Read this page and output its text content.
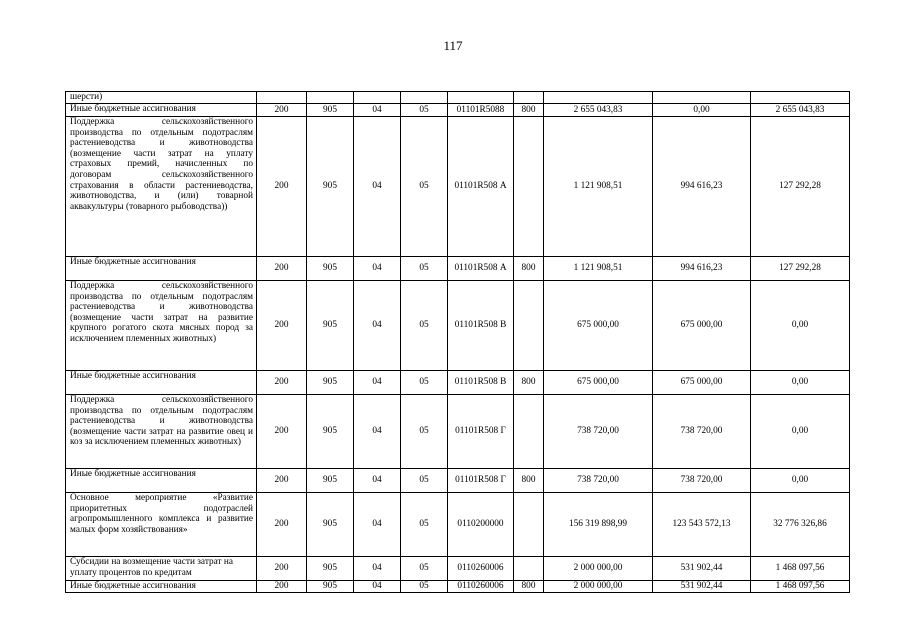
117
шерсти)									
Иные бюджетные ассигнования	200	905	04	05	01101R5088	800	2 655 043,83	0,00	2 655 043,83
Поддержка сельскохозяйственного производства по отдельным подотраслям растениеводства и животноводства (возмещение части затрат на уплату страховых премий, начисленных по договорам сельскохозяйственного страхования в области растениеводства, животноводства, и (или) товарной аквакультуры (товарного рыбоводства))	200	905	04	05	01101R508 А		1 121 908,51	994 616,23	127 292,28
Иные бюджетные ассигнования	200	905	04	05	01101R508 А	800	1 121 908,51	994 616,23	127 292,28
Поддержка сельскохозяйственного производства по отдельным подотраслям растениеводства и животноводства (возмещение части затрат на развитие крупного рогатого скота мясных пород за исключением племенных животных)	200	905	04	05	01101R508 В		675 000,00	675 000,00	0,00
Иные бюджетные ассигнования	200	905	04	05	01101R508 В	800	675 000,00	675 000,00	0,00
Поддержка сельскохозяйственного производства по отдельным подотраслям растениеводства и животноводства (возмещение части затрат на развитие овец и коз за исключением племенных животных)	200	905	04	05	01101R508 Г		738 720,00	738 720,00	0,00
Иные бюджетные ассигнования	200	905	04	05	01101R508 Г	800	738 720,00	738 720,00	0,00
Основное мероприятие «Развитие приоритетных подотраслей агропромышленного комплекса и развитие малых форм хозяйствования»	200	905	04	05	0110200000		156 319 898,99	123 543 572,13	32 776 326,86
Субсидии на возмещение части затрат на уплату процентов по кредитам	200	905	04	05	0110260006		2 000 000,00	531 902,44	1 468 097,56
Иные бюджетные ассигнования	200	905	04	05	0110260006	800	2 000 000,00	531 902,44	1 468 097,56
